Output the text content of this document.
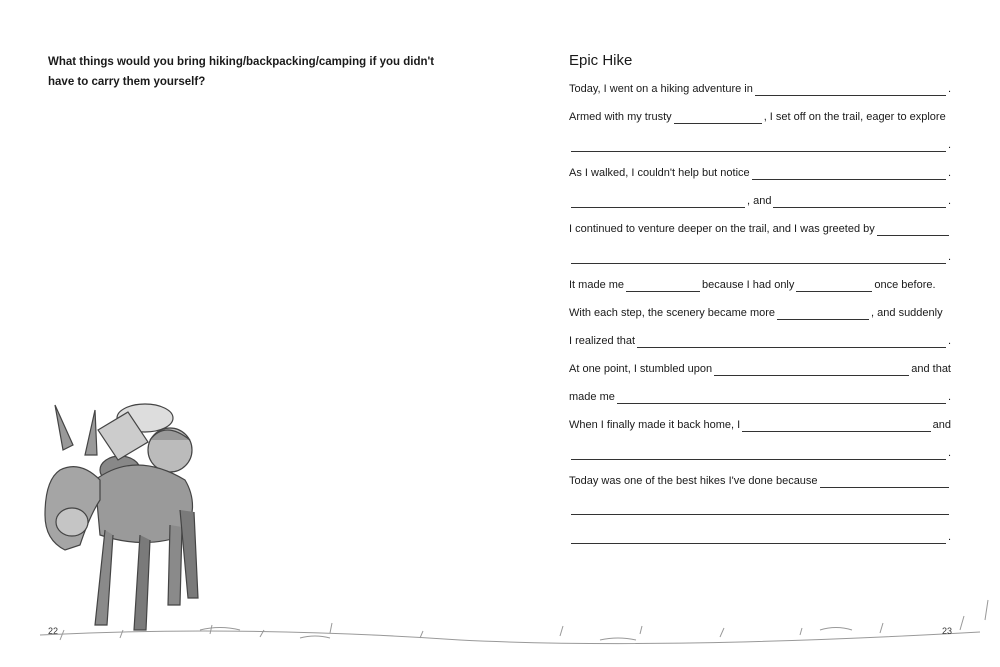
What things would you bring hiking/backpacking/camping if you didn't have to carry them yourself?
22
Epic Hike
Today, I went on a hiking adventure in	.
Armed with my trusty	, I set off on the trail, eager to explore
.
As I walked, I couldn't help but notice	.
, and	.
I continued to venture deeper on the trail, and I was greeted by
.
It made me	because I had only	once before.
With each step, the scenery became more	, and suddenly
I realized that	.
At one point, I stumbled upon	and that
made me	.
When I finally made it back home, I	and
.
Today was one of the best hikes I've done because
.
23
